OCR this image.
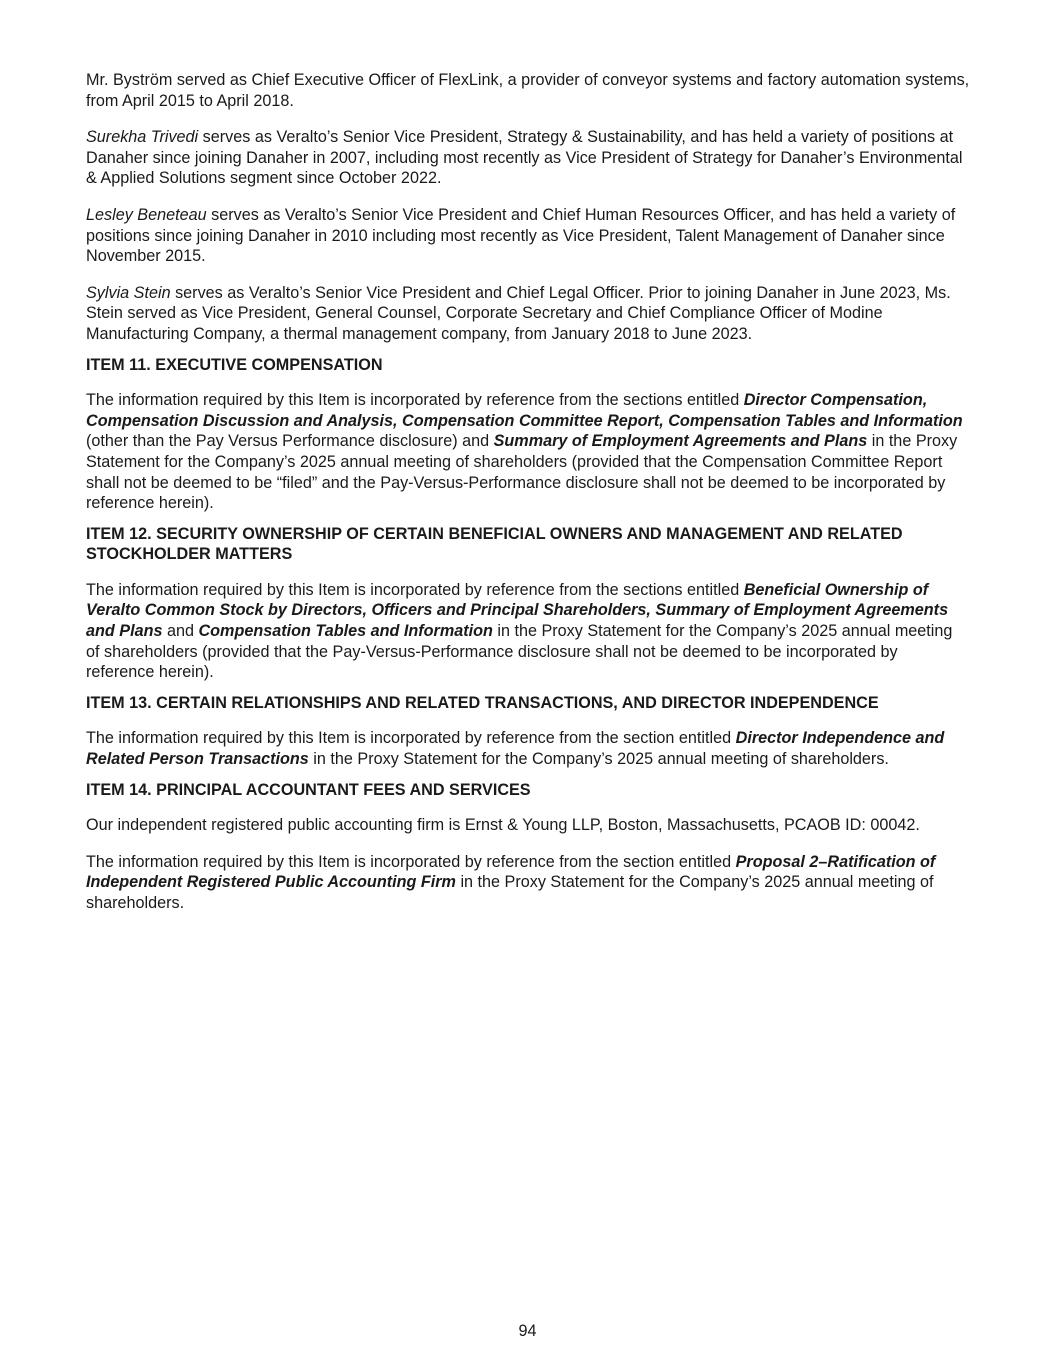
Mr. Byström served as Chief Executive Officer of FlexLink, a provider of conveyor systems and factory automation systems, from April 2015 to April 2018.

Surekha Trivedi serves as Veralto’s Senior Vice President, Strategy & Sustainability, and has held a variety of positions at Danaher since joining Danaher in 2007, including most recently as Vice President of Strategy for Danaher’s Environmental & Applied Solutions segment since October 2022.

Lesley Beneteau serves as Veralto’s Senior Vice President and Chief Human Resources Officer, and has held a variety of positions since joining Danaher in 2010 including most recently as Vice President, Talent Management of Danaher since November 2015.

Sylvia Stein serves as Veralto’s Senior Vice President and Chief Legal Officer. Prior to joining Danaher in June 2023, Ms. Stein served as Vice President, General Counsel, Corporate Secretary and Chief Compliance Officer of Modine Manufacturing Company, a thermal management company, from January 2018 to June 2023.

ITEM 11. EXECUTIVE COMPENSATION

The information required by this Item is incorporated by reference from the sections entitled Director Compensation, Compensation Discussion and Analysis, Compensation Committee Report, Compensation Tables and Information (other than the Pay Versus Performance disclosure) and Summary of Employment Agreements and Plans in the Proxy Statement for the Company’s 2025 annual meeting of shareholders (provided that the Compensation Committee Report shall not be deemed to be “filed” and the Pay-Versus-Performance disclosure shall not be deemed to be incorporated by reference herein).

ITEM 12. SECURITY OWNERSHIP OF CERTAIN BENEFICIAL OWNERS AND MANAGEMENT AND RELATED STOCKHOLDER MATTERS

The information required by this Item is incorporated by reference from the sections entitled Beneficial Ownership of Veralto Common Stock by Directors, Officers and Principal Shareholders, Summary of Employment Agreements and Plans and Compensation Tables and Information in the Proxy Statement for the Company’s 2025 annual meeting of shareholders (provided that the Pay-Versus-Performance disclosure shall not be deemed to be incorporated by reference herein).

ITEM 13. CERTAIN RELATIONSHIPS AND RELATED TRANSACTIONS, AND DIRECTOR INDEPENDENCE

The information required by this Item is incorporated by reference from the section entitled Director Independence and Related Person Transactions in the Proxy Statement for the Company’s 2025 annual meeting of shareholders.

ITEM 14. PRINCIPAL ACCOUNTANT FEES AND SERVICES

Our independent registered public accounting firm is Ernst & Young LLP, Boston, Massachusetts, PCAOB ID: 00042.

The information required by this Item is incorporated by reference from the section entitled Proposal 2–Ratification of Independent Registered Public Accounting Firm in the Proxy Statement for the Company’s 2025 annual meeting of shareholders.

94
